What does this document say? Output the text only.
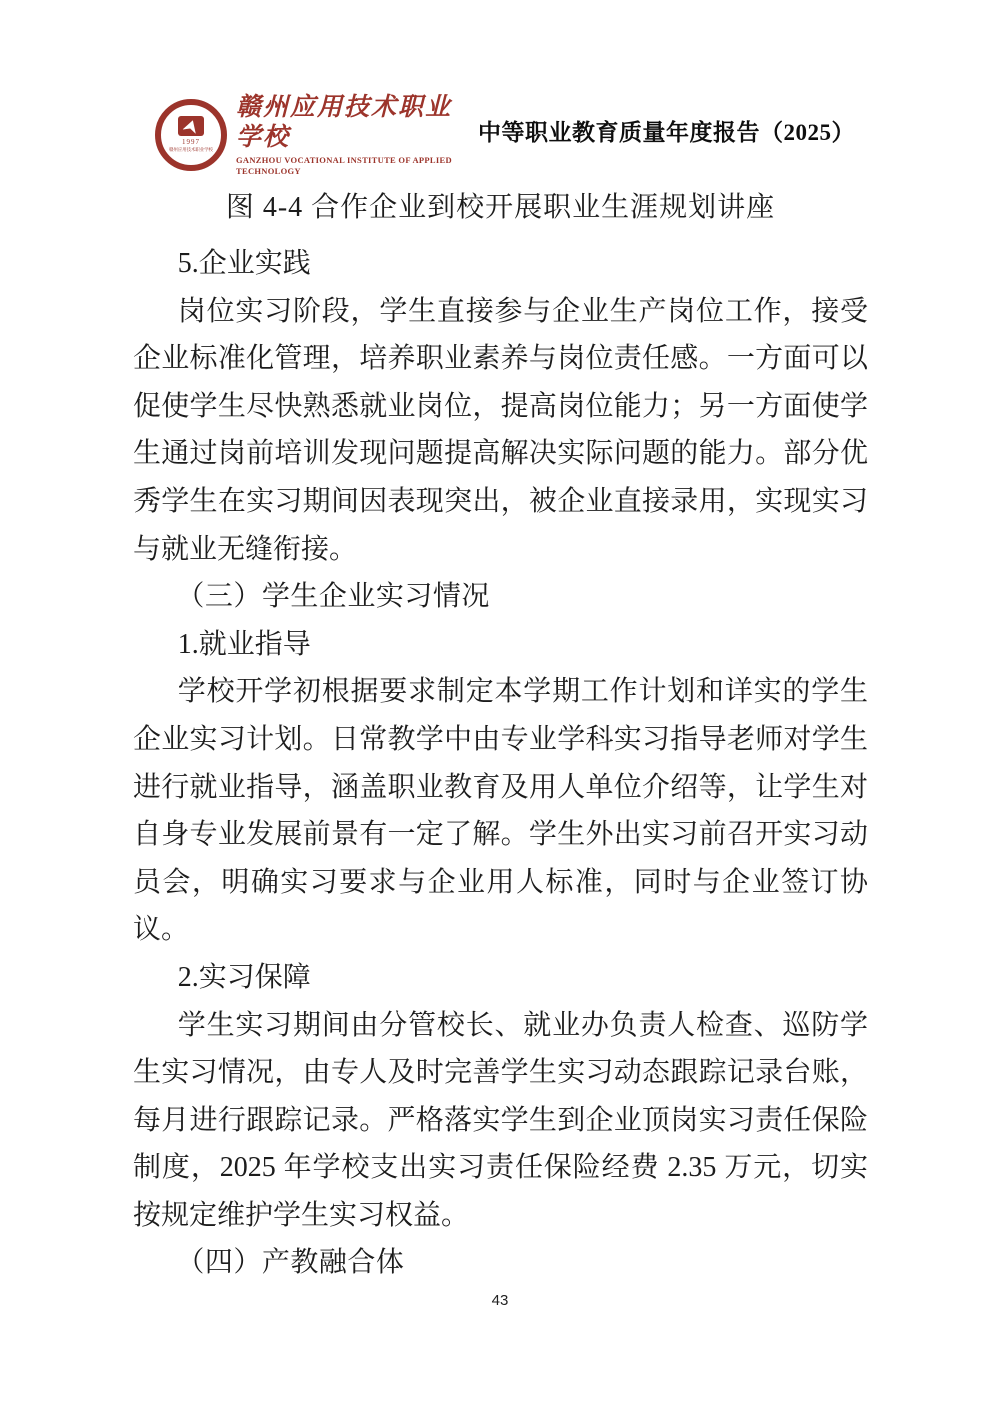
1997
赣州应用技术职业学校
赣州应用技术职业学校
GANZHOU VOCATIONAL INSTITUTE OF APPLIED TECHNOLOGY
中等职业教育质量年度报告（2025）

图 4-4 合作企业到校开展职业生涯规划讲座

5.企业实践

岗位实习阶段，学生直接参与企业生产岗位工作，接受企业标准化管理，培养职业素养与岗位责任感。一方面可以促使学生尽快熟悉就业岗位，提高岗位能力；另一方面使学生通过岗前培训发现问题提高解决实际问题的能力。部分优秀学生在实习期间因表现突出，被企业直接录用，实现实习与就业无缝衔接。

（三）学生企业实习情况

1.就业指导

学校开学初根据要求制定本学期工作计划和详实的学生企业实习计划。日常教学中由专业学科实习指导老师对学生进行就业指导，涵盖职业教育及用人单位介绍等，让学生对自身专业发展前景有一定了解。学生外出实习前召开实习动员会，明确实习要求与企业用人标准，同时与企业签订协议。

2.实习保障

学生实习期间由分管校长、就业办负责人检查、巡防学生实习情况，由专人及时完善学生实习动态跟踪记录台账，每月进行跟踪记录。严格落实学生到企业顶岗实习责任保险制度，2025 年学校支出实习责任保险经费 2.35 万元，切实按规定维护学生实习权益。

（四）产教融合体

43
